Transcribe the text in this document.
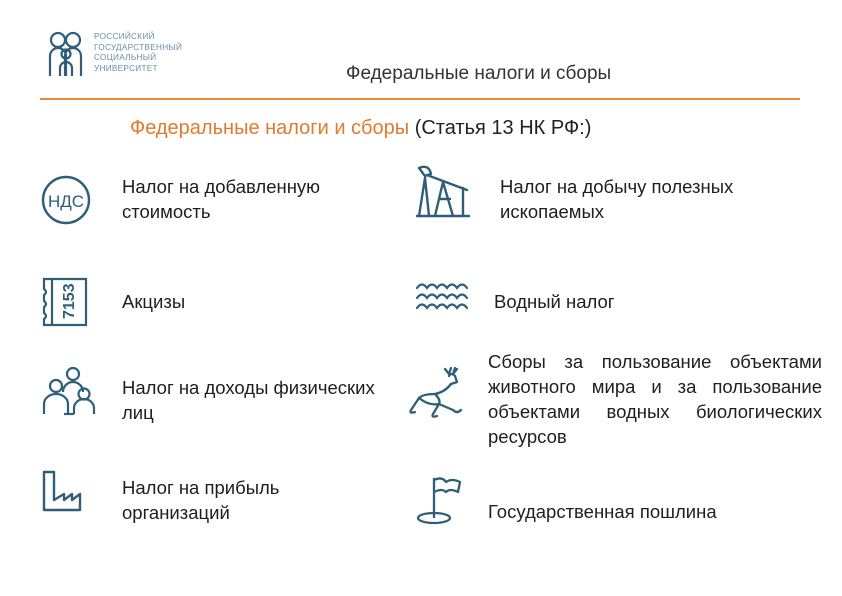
РОССИЙСКИЙ
ГОСУДАРСТВЕННЫЙ
СОЦИАЛЬНЫЙ
УНИВЕРСИТЕТ	Федеральные налоги и сборы
Федеральные налоги и сборы (Статья 13 НК РФ:)
НДС
Налог на добавленную стоимость
Налог на добычу полезных ископаемых
7153 Акцизы	Водный налог
Налог на доходы физических лиц
Сборы за пользование объектами животного мира и за пользование объектами водных биологических ресурсов
Налог на прибыль организаций	Государственная пошлина
